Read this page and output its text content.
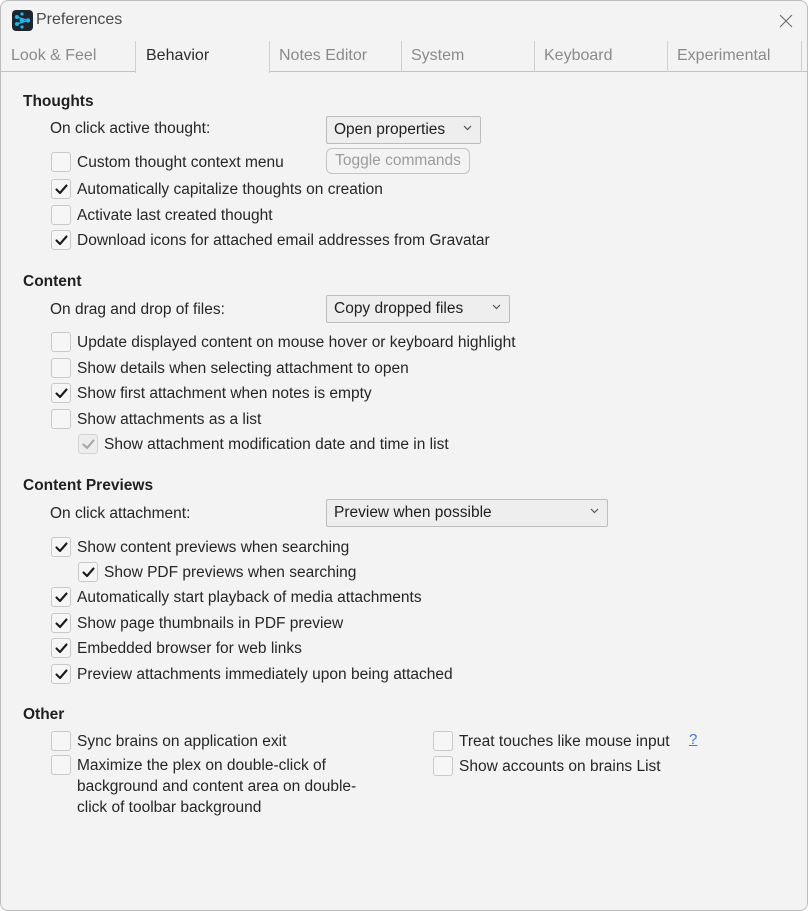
Preferences
Look & Feel	Behavior	Notes Editor	System	Keyboard	Experimental
Thoughts
On click active thought:	Open properties
Toggle commands
Custom thought context menu
Automatically capitalize thoughts on creation
Activate last created thought
Download icons for attached email addresses from Gravatar
Content
On drag and drop of files:	Copy dropped files
Update displayed content on mouse hover or keyboard highlight
Show details when selecting attachment to open
Show first attachment when notes is empty
Show attachments as a list
Show attachment modification date and time in list
Content Previews
On click attachment:	Preview when possible
Show content previews when searching
Show PDF previews when searching
Automatically start playback of media attachments
Show page thumbnails in PDF preview
Embedded browser for web links
Preview attachments immediately upon being attached
Other
Sync brains on application exit
Maximize the plex on double-click of background and content area on double-click of toolbar background
Treat touches like mouse input
Show accounts on brains List
?
